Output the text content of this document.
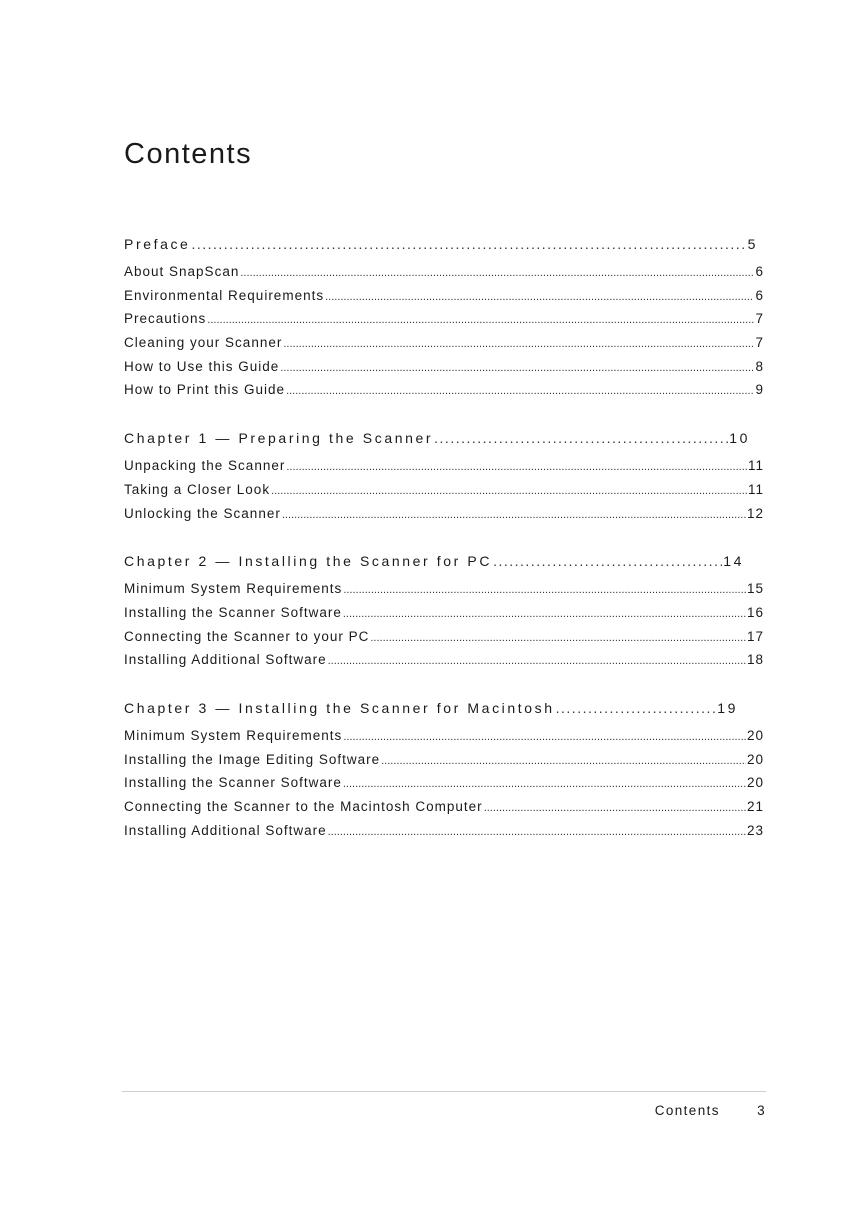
Contents
Preface .....	5
About SnapScan .....	6
Environmental Requirements .....	6
Precautions .....	7
Cleaning your Scanner .....	7
How to Use this Guide .....	8
How to Print this Guide .....	9
Chapter 1 — Preparing the Scanner .....	10
Unpacking the Scanner .....	11
Taking a Closer Look .....	11
Unlocking the Scanner .....	12
Chapter 2 — Installing the Scanner for PC .....	14
Minimum System Requirements .....	15
Installing the Scanner Software .....	16
Connecting the Scanner to your PC .....	17
Installing Additional Software .....	18
Chapter 3 — Installing the Scanner for Macintosh .....	19
Minimum System Requirements .....	20
Installing the Image Editing Software .....	20
Installing the Scanner Software .....	20
Connecting the Scanner to the Macintosh Computer .....	21
Installing Additional Software .....	23
Contents	3
